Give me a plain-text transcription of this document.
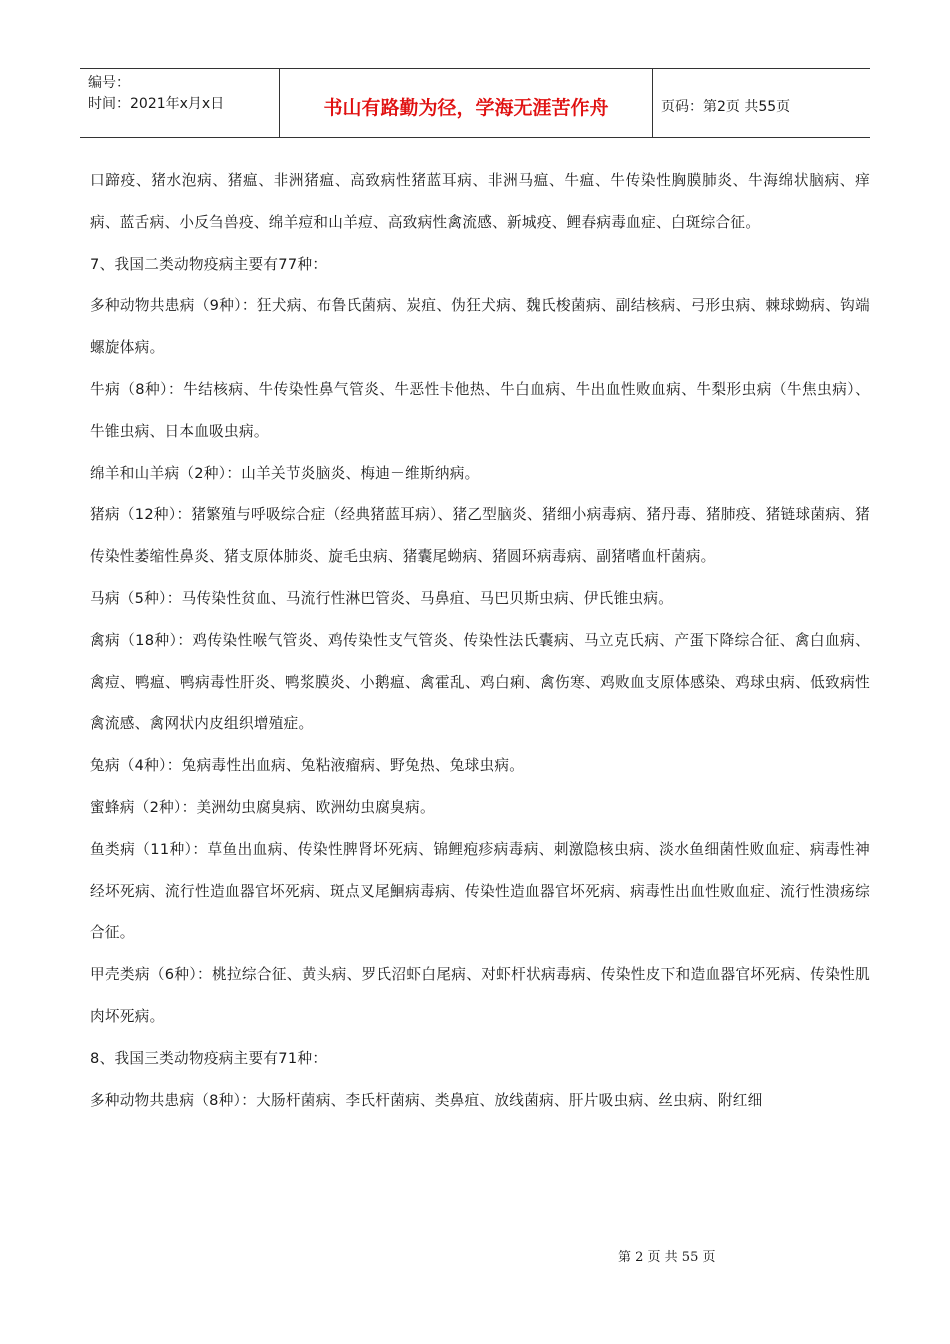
编号：
时间：2021年x月x日	书山有路勤为径，学海无涯苦作舟	页码：第2页 共55页

口蹄疫、猪水泡病、猪瘟、非洲猪瘟、高致病性猪蓝耳病、非洲马瘟、牛瘟、牛传染性胸膜肺炎、牛海绵状脑病、痒病、蓝舌病、小反刍兽疫、绵羊痘和山羊痘、高致病性禽流感、新城疫、鲤春病毒血症、白斑综合征。

7、我国二类动物疫病主要有77种：

多种动物共患病（9种）：狂犬病、布鲁氏菌病、炭疽、伪狂犬病、魏氏梭菌病、副结核病、弓形虫病、棘球蚴病、钩端螺旋体病。

牛病（8种）：牛结核病、牛传染性鼻气管炎、牛恶性卡他热、牛白血病、牛出血性败血病、牛梨形虫病（牛焦虫病）、牛锥虫病、日本血吸虫病。

绵羊和山羊病（2种）：山羊关节炎脑炎、梅迪－维斯纳病。

猪病（12种）：猪繁殖与呼吸综合症（经典猪蓝耳病）、猪乙型脑炎、猪细小病毒病、猪丹毒、猪肺疫、猪链球菌病、猪传染性萎缩性鼻炎、猪支原体肺炎、旋毛虫病、猪囊尾蚴病、猪圆环病毒病、副猪嗜血杆菌病。

马病（5种）：马传染性贫血、马流行性淋巴管炎、马鼻疽、马巴贝斯虫病、伊氏锥虫病。

禽病（18种）：鸡传染性喉气管炎、鸡传染性支气管炎、传染性法氏囊病、马立克氏病、产蛋下降综合征、禽白血病、禽痘、鸭瘟、鸭病毒性肝炎、鸭浆膜炎、小鹅瘟、禽霍乱、鸡白痢、禽伤寒、鸡败血支原体感染、鸡球虫病、低致病性禽流感、禽网状内皮组织增殖症。

兔病（4种）：兔病毒性出血病、兔粘液瘤病、野兔热、兔球虫病。

蜜蜂病（2种）：美洲幼虫腐臭病、欧洲幼虫腐臭病。

鱼类病（11种）：草鱼出血病、传染性脾肾坏死病、锦鲤疱疹病毒病、刺激隐核虫病、淡水鱼细菌性败血症、病毒性神经坏死病、流行性造血器官坏死病、斑点叉尾鮰病毒病、传染性造血器官坏死病、病毒性出血性败血症、流行性溃疡综合征。

甲壳类病（6种）：桃拉综合征、黄头病、罗氏沼虾白尾病、对虾杆状病毒病、传染性皮下和造血器官坏死病、传染性肌肉坏死病。

8、我国三类动物疫病主要有71种：

多种动物共患病（8种）：大肠杆菌病、李氏杆菌病、类鼻疽、放线菌病、肝片吸虫病、丝虫病、附红细

第 2 页 共 55 页
